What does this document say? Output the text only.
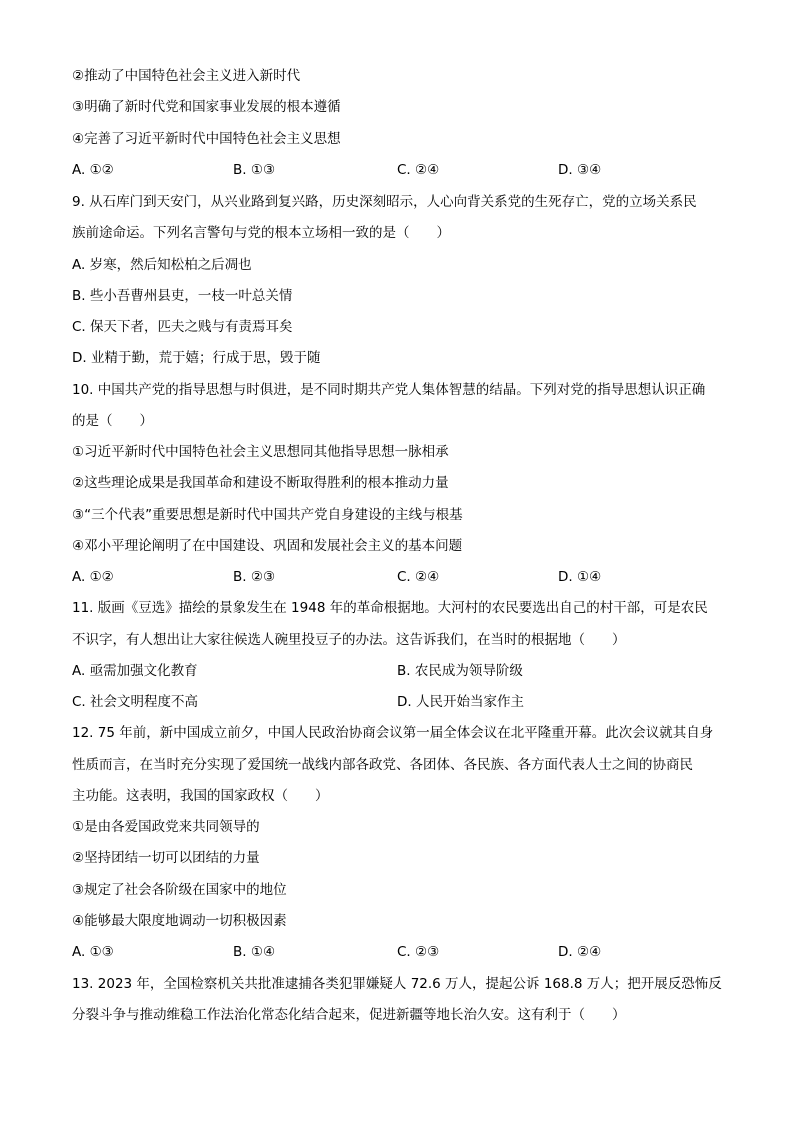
②推动了中国特色社会主义进入新时代
③明确了新时代党和国家事业发展的根本遵循
④完善了习近平新时代中国特色社会主义思想
A. ①②	B. ①③	C. ②④	D. ③④
9. 从石库门到天安门，从兴业路到复兴路，历史深刻昭示，人心向背关系党的生死存亡，党的立场关系民
族前途命运。下列名言警句与党的根本立场相一致的是（　　）
A. 岁寒，然后知松柏之后凋也
B. 些小吾曹州县吏，一枝一叶总关情
C. 保天下者，匹夫之贱与有责焉耳矣
D. 业精于勤，荒于嬉；行成于思，毁于随
10. 中国共产党的指导思想与时俱进，是不同时期共产党人集体智慧的结晶。下列对党的指导思想认识正确
的是（　　）
①习近平新时代中国特色社会主义思想同其他指导思想一脉相承
②这些理论成果是我国革命和建设不断取得胜利的根本推动力量
③“三个代表”重要思想是新时代中国共产党自身建设的主线与根基
④邓小平理论阐明了在中国建设、巩固和发展社会主义的基本问题
A. ①②	B. ②③	C. ②④	D. ①④
11. 版画《豆选》描绘的景象发生在 1948 年的革命根据地。大河村的农民要选出自己的村干部，可是农民
不识字，有人想出让大家往候选人碗里投豆子的办法。这告诉我们，在当时的根据地（　　）
A. 亟需加强文化教育	B. 农民成为领导阶级
C. 社会文明程度不高	D. 人民开始当家作主
12. 75 年前，新中国成立前夕，中国人民政治协商会议第一届全体会议在北平隆重开幕。此次会议就其自身
性质而言，在当时充分实现了爱国统一战线内部各政党、各团体、各民族、各方面代表人士之间的协商民
主功能。这表明，我国的国家政权（　　）
①是由各爱国政党来共同领导的
②坚持团结一切可以团结的力量
③规定了社会各阶级在国家中的地位
④能够最大限度地调动一切积极因素
A. ①③	B. ①④	C. ②③	D. ②④
13. 2023 年，全国检察机关共批准逮捕各类犯罪嫌疑人 72.6 万人，提起公诉 168.8 万人；把开展反恐怖反
分裂斗争与推动维稳工作法治化常态化结合起来，促进新疆等地长治久安。这有利于（　　）
